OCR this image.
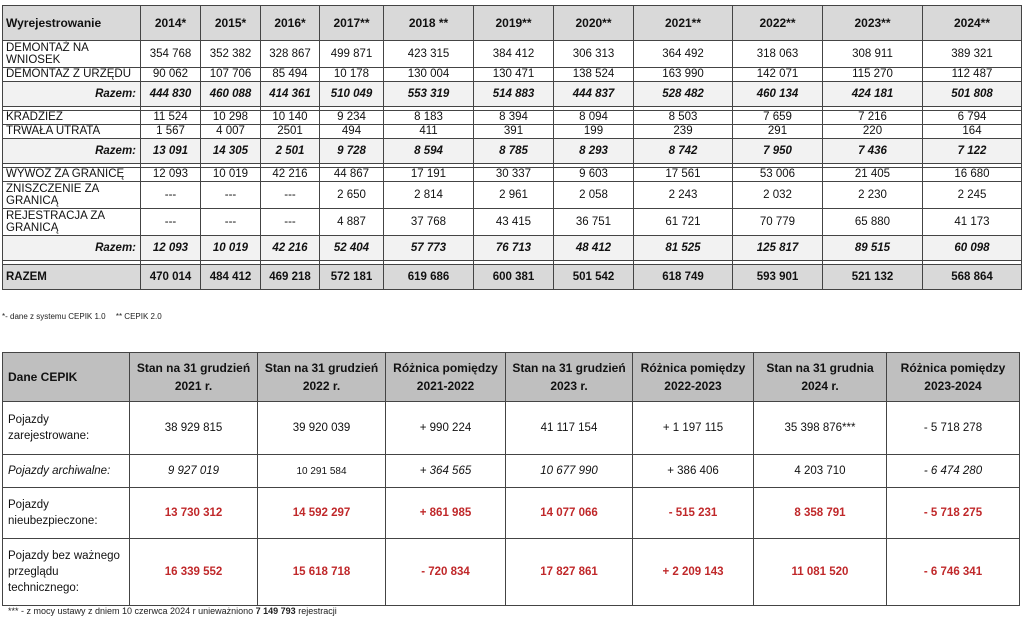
Wyrejestrowanie	2014*	2015*	2016*	2017**	2018 **	2019**	2020**	2021**	2022**	2023**	2024**
DEMONTAŻ NA WNIOSEK	354 768	352 382	328 867	499 871	423 315	384 412	306 313	364 492	318 063	308 911	389 321
DEMONTAŻ Z URZĘDU	90 062	107 706	85 494	10 178	130 004	130 471	138 524	163 990	142 071	115 270	112 487
Razem:	444 830	460 088	414 361	510 049	553 319	514 883	444 837	528 482	460 134	424 181	501 808

KRADZIEŻ	11 524	10 298	10 140	9 234	8 183	8 394	8 094	8 503	7 659	7 216	6 794
TRWAŁA UTRATA	1 567	4 007	2501	494	411	391	199	239	291	220	164
Razem:	13 091	14 305	2 501	9 728	8 594	8 785	8 293	8 742	7 950	7 436	7 122

WYWÓZ ZA GRANICĘ	12 093	10 019	42 216	44 867	17 191	30 337	9 603	17 561	53 006	21 405	16 680
ZNISZCZENIE ZA GRANICĄ	---	---	---	2 650	2 814	2 961	2 058	2 243	2 032	2 230	2 245
REJESTRACJA ZA GRANICĄ	---	---	---	4 887	37 768	43 415	36 751	61 721	70 779	65 880	41 173
Razem:	12 093	10 019	42 216	52 404	57 773	76 713	48 412	81 525	125 817	89 515	60 098

RAZEM	470 014	484 412	469 218	572 181	619 686	600 381	501 542	618 749	593 901	521 132	568 864
*- dane z systemu CEPIK 1.0 ** CEPIK 2.0
Dane CEPIK	Stan na 31 grudzień 2021 r.	Stan na 31 grudzień 2022 r.	Różnica pomiędzy 2021-2022	Stan na 31 grudzień 2023 r.	Różnica pomiędzy 2022-2023	Stan na 31 grudnia 2024 r.	Różnica pomiędzy 2023-2024
Pojazdy zarejestrowane:	38 929 815	39 920 039	+ 990 224	41 117 154	+ 1 197 115	35 398 876***	- 5 718 278
Pojazdy archiwalne:	9 927 019	10 291 584	+ 364 565	10 677 990	+ 386 406	4 203 710	- 6 474 280
Pojazdy nieubezpieczone:	13 730 312	14 592 297	+ 861 985	14 077 066	- 515 231	8 358 791	- 5 718 275
Pojazdy bez ważnego przeglądu technicznego:	16 339 552	15 618 718	- 720 834	17 827 861	+ 2 209 143	11 081 520	- 6 746 341
*** - z mocy ustawy z dniem 10 czerwca 2024 r unieważniono 7 149 793 rejestracji
